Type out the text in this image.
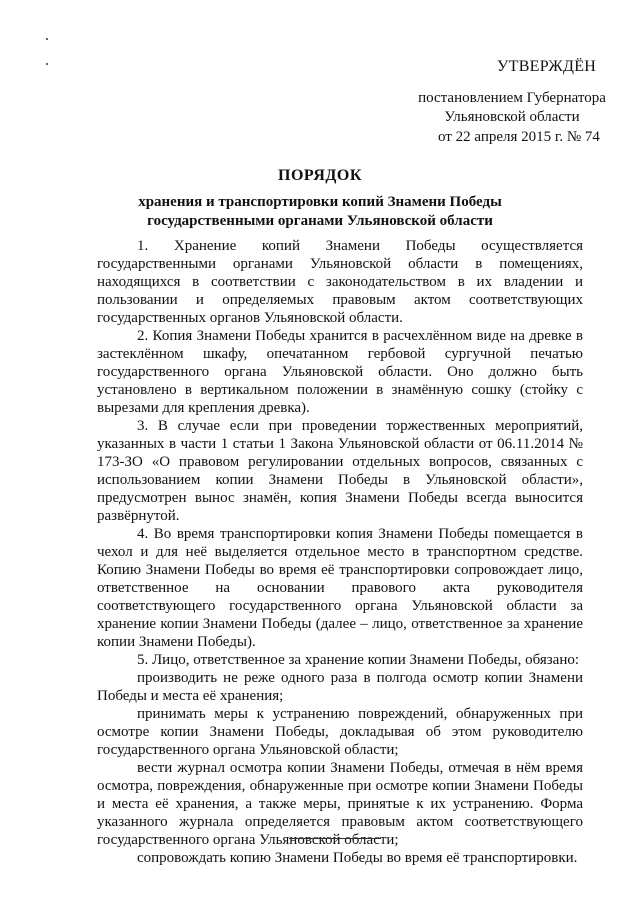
УТВЕРЖДЁН
постановлением Губернатора
Ульяновской области
от 22 апреля 2015 г. № 74
ПОРЯДОК
хранения и транспортировки копий Знамени Победы
государственными органами Ульяновской области

1. Хранение копий Знамени Победы осуществляется государственными органами Ульяновской области в помещениях, находящихся в соответствии с законодательством в их владении и пользовании и определяемых правовым актом соответствующих государственных органов Ульяновской области.

2. Копия Знамени Победы хранится в расчехлённом виде на древке в застеклённом шкафу, опечатанном гербовой сургучной печатью государственного органа Ульяновской области. Оно должно быть установлено в вертикальном положении в знамённую сошку (стойку с вырезами для крепления древка).

3. В случае если при проведении торжественных мероприятий, указанных в части 1 статьи 1 Закона Ульяновской области от 06.11.2014 № 173-ЗО «О правовом регулировании отдельных вопросов, связанных с использованием копии Знамени Победы в Ульяновской области», предусмотрен вынос знамён, копия Знамени Победы всегда выносится развёрнутой.

4. Во время транспортировки копия Знамени Победы помещается в чехол и для неё выделяется отдельное место в транспортном средстве. Копию Знамени Победы во время её транспортировки сопровождает лицо, ответственное на основании правового акта руководителя соответствующего государственного органа Ульяновской области за хранение копии Знамени Победы (далее – лицо, ответственное за хранение копии Знамени Победы).

5. Лицо, ответственное за хранение копии Знамени Победы, обязано:

производить не реже одного раза в полгода осмотр копии Знамени Победы и места её хранения;

принимать меры к устранению повреждений, обнаруженных при осмотре копии Знамени Победы, докладывая об этом руководителю государственного органа Ульяновской области;

вести журнал осмотра копии Знамени Победы, отмечая в нём время осмотра, повреждения, обнаруженные при осмотре копии Знамени Победы и места её хранения, а также меры, принятые к их устранению. Форма указанного журнала определяется правовым актом соответствующего государственного органа Ульяновской области;

сопровождать копию Знамени Победы во время её транспортировки.
